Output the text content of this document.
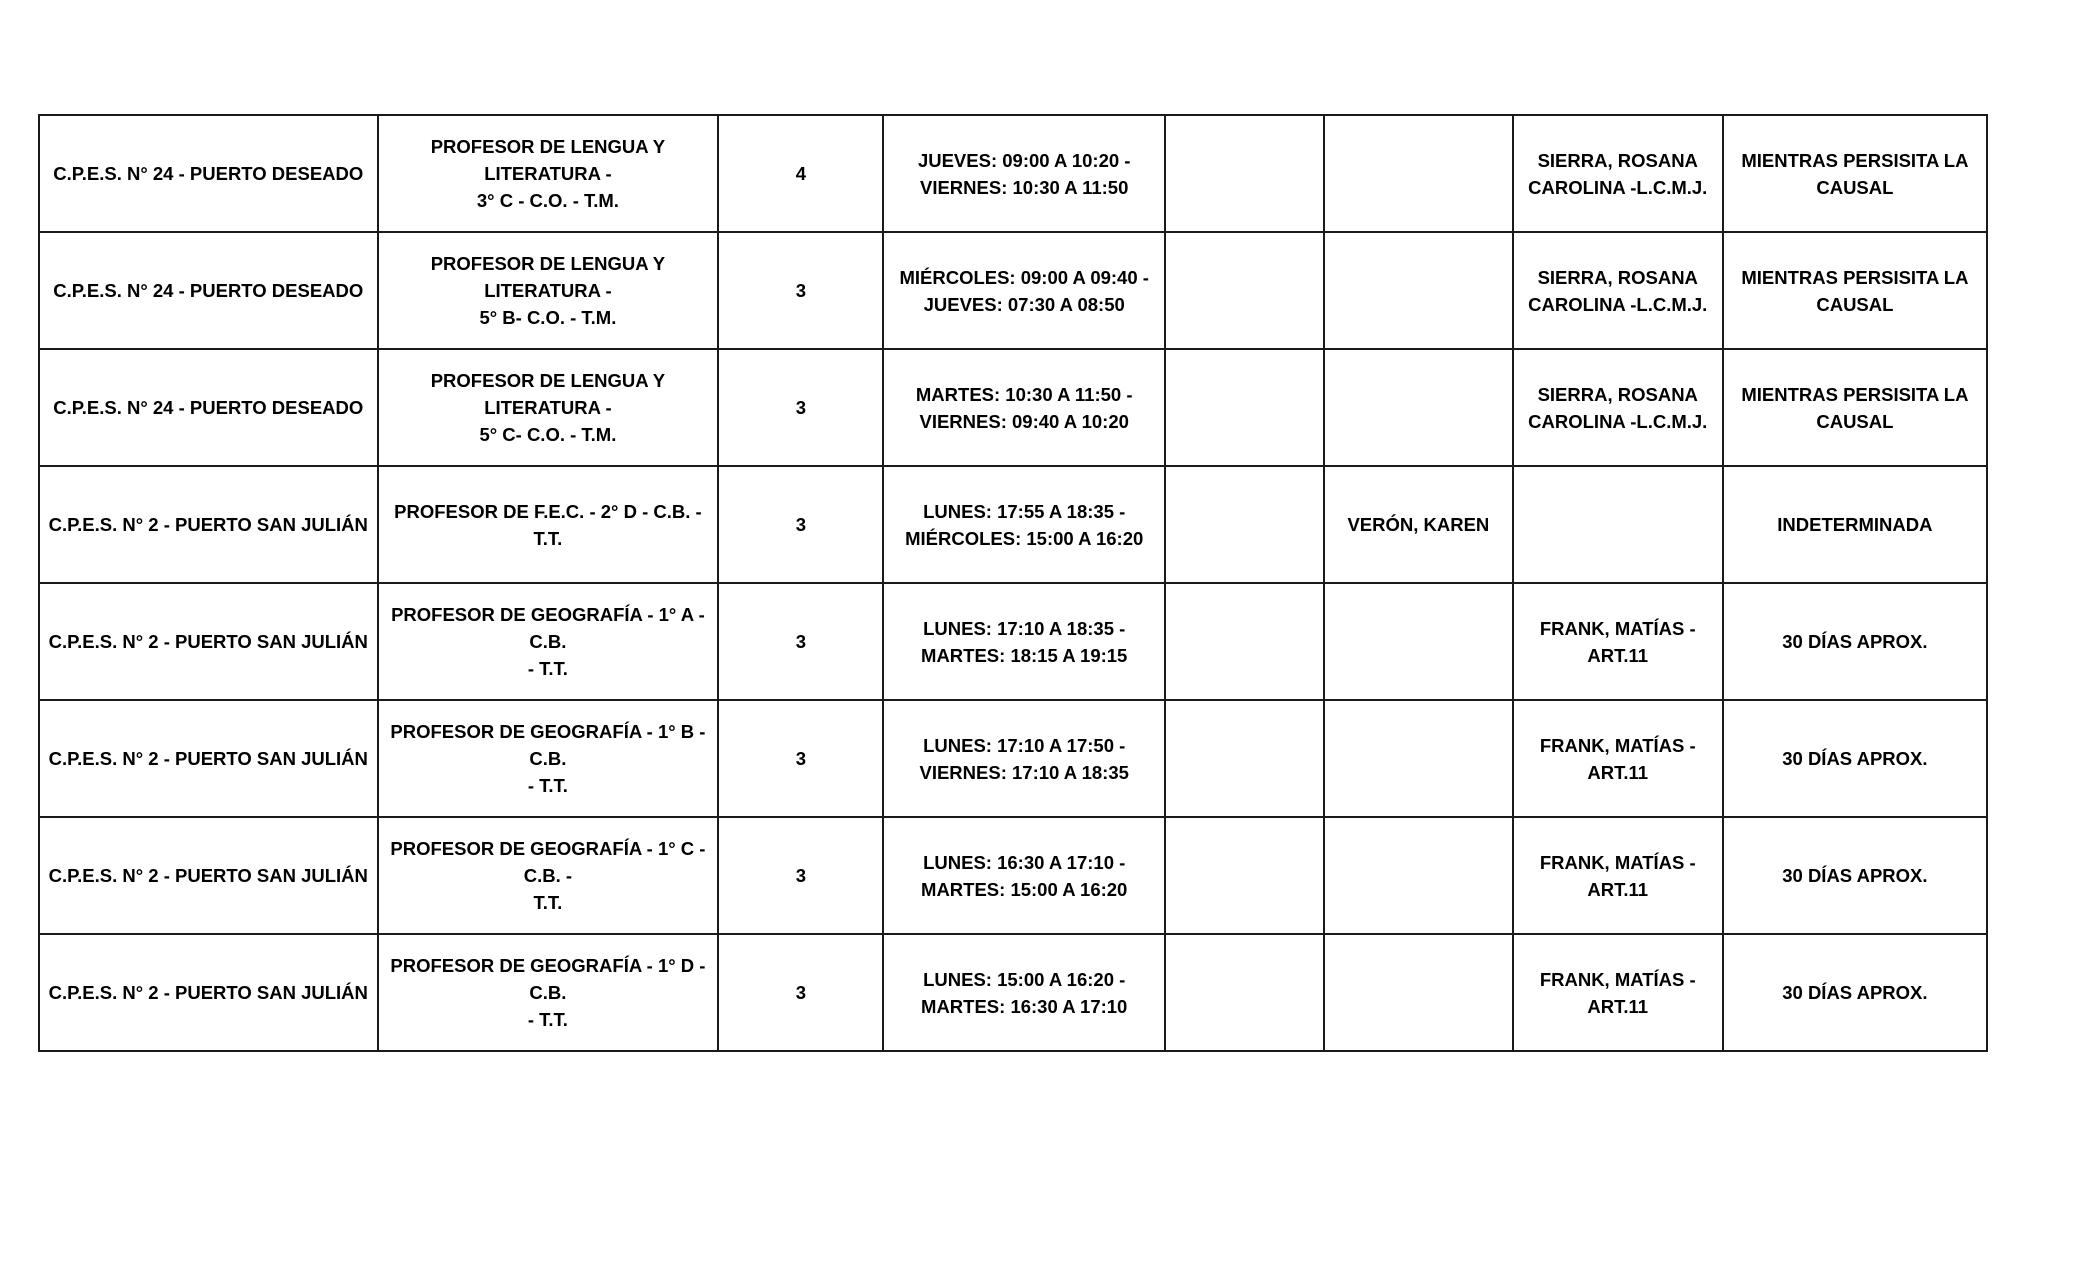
C.P.E.S. N° 24 - PUERTO DESEADO	PROFESOR DE LENGUA Y LITERATURA -
3° C - C.O. - T.M.	4	JUEVES: 09:00 A 10:20 -
VIERNES: 10:30 A 11:50			SIERRA, ROSANA
CAROLINA -L.C.M.J.	MIENTRAS PERSISITA LA
CAUSAL

C.P.E.S. N° 24 - PUERTO DESEADO	PROFESOR DE LENGUA Y LITERATURA -
5° B- C.O. - T.M.	3	MIÉRCOLES: 09:00 A 09:40 -
JUEVES: 07:30 A 08:50			SIERRA, ROSANA
CAROLINA -L.C.M.J.	MIENTRAS PERSISITA LA
CAUSAL

C.P.E.S. N° 24 - PUERTO DESEADO	PROFESOR DE LENGUA Y LITERATURA -
5° C- C.O. - T.M.	3	MARTES: 10:30 A 11:50 -
VIERNES: 09:40 A 10:20			SIERRA, ROSANA
CAROLINA -L.C.M.J.	MIENTRAS PERSISITA LA
CAUSAL

C.P.E.S. N° 2 - PUERTO SAN JULIÁN	PROFESOR DE F.E.C. - 2° D - C.B. - T.T.	3	LUNES: 17:55 A 18:35 -
MIÉRCOLES: 15:00 A 16:20		VERÓN, KAREN		INDETERMINADA

C.P.E.S. N° 2 - PUERTO SAN JULIÁN	PROFESOR DE GEOGRAFÍA - 1° A - C.B.
- T.T.	3	LUNES: 17:10 A 18:35 -
MARTES: 18:15 A 19:15			FRANK, MATÍAS -
ART.11	30 DÍAS APROX.

C.P.E.S. N° 2 - PUERTO SAN JULIÁN	PROFESOR DE GEOGRAFÍA - 1° B - C.B.
- T.T.	3	LUNES: 17:10 A 17:50 -
VIERNES: 17:10 A 18:35			FRANK, MATÍAS -
ART.11	30 DÍAS APROX.

C.P.E.S. N° 2 - PUERTO SAN JULIÁN	PROFESOR DE GEOGRAFÍA - 1° C - C.B. -
T.T.	3	LUNES: 16:30 A 17:10 -
MARTES: 15:00 A 16:20			FRANK, MATÍAS -
ART.11	30 DÍAS APROX.

C.P.E.S. N° 2 - PUERTO SAN JULIÁN	PROFESOR DE GEOGRAFÍA - 1° D - C.B.
- T.T.	3	LUNES: 15:00 A 16:20 -
MARTES: 16:30 A 17:10			FRANK, MATÍAS -
ART.11	30 DÍAS APROX.
